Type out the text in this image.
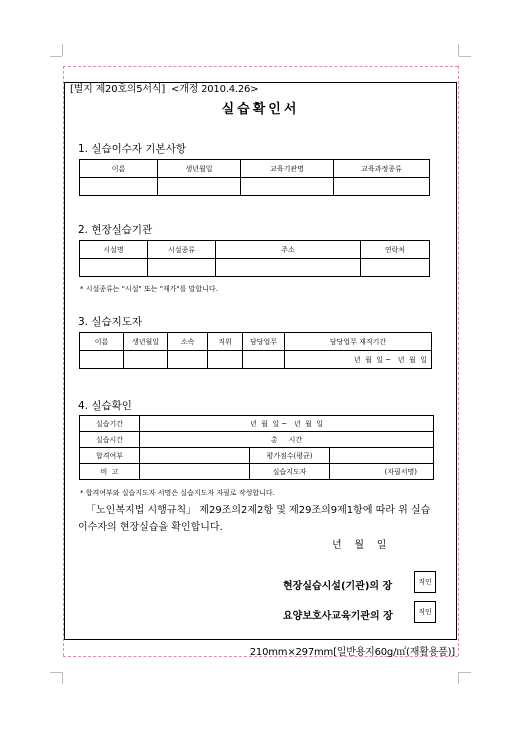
[별지 제20호의5서식] <개정 2010.4.26>

실습확인서
1. 실습이수자 기본사항
이름	생년월일	교육기관명	교육과정종류

2. 현장실습기관
시설명	시설종류	주소	연락처

* 시설종류는 "시설" 또는 "재가"를 말합니다.
3. 실습지도자
이름	생년월일	소속	직위	담당업무	담당업무 재직기간
					년  월  일 ~   년  월  일
4. 실습확인
실습기간	년  월  일 ~   년  월  일		
실습시간	총     시간		
합격여부		평가점수(평균)	
비  고		실습지도자	(자필서명)
* 합격여부와 실습지도자 서명은 실습지도자 자필로 작성합니다.
「노인복지법 시행규칙」 제29조의2제2항 및 제29조의9제1항에 따라 위 실습
이수자의 현장실습을 확인합니다.
년    월    일
현장실습시설(기관)의 장	직인
요양보호사교육기관의 장	직인
210mm×297mm[일반용지60g/㎡(재활용품)]
